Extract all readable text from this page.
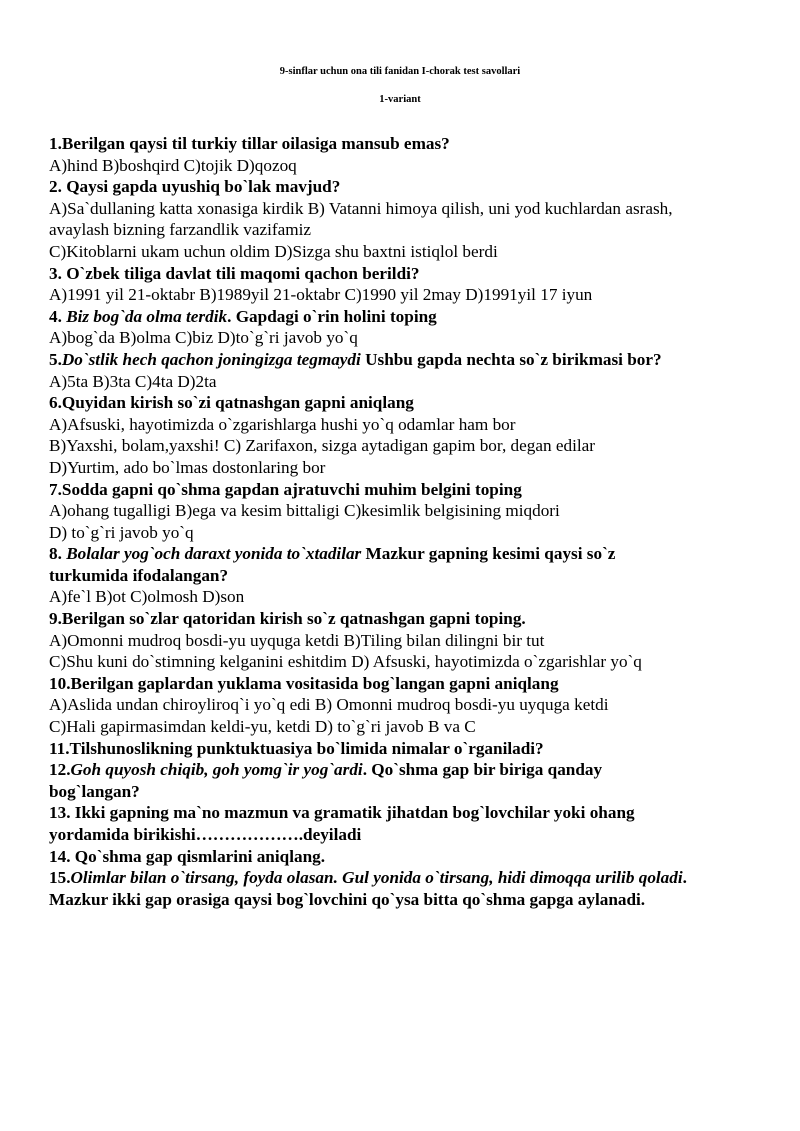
9-sinflar uchun ona tili fanidan I-chorak test savollari
1-variant
1.Berilgan qaysi til turkiy tillar oilasiga mansub emas?
A)hind B)boshqird C)tojik D)qozoq
2. Qaysi gapda uyushiq bo`lak mavjud?
A)Sa`dullaning katta xonasiga kirdik B) Vatanni himoya qilish, uni yod kuchlardan asrash,
avaylash bizning farzandlik vazifamiz
C)Kitoblarni ukam uchun oldim D)Sizga shu baxtni istiqlol berdi
3. O`zbek tiliga davlat tili maqomi qachon berildi?
A)1991 yil 21-oktabr B)1989yil 21-oktabr C)1990 yil 2may D)1991yil 17 iyun
4. Biz bog`da olma terdik. Gapdagi o`rin holini toping
A)bog`da B)olma C)biz D)to`g`ri javob yo`q
5.Do`stlik hech qachon joningizga tegmaydi Ushbu gapda nechta so`z birikmasi bor?
A)5ta B)3ta C)4ta D)2ta
6.Quyidan kirish so`zi qatnashgan gapni aniqlang
A)Afsuski, hayotimizda o`zgarishlarga hushi yo`q odamlar ham bor
B)Yaxshi, bolam,yaxshi! C) Zarifaxon, sizga aytadigan gapim bor, degan edilar
D)Yurtim, ado bo`lmas dostonlaring bor
7.Sodda gapni qo`shma gapdan ajratuvchi muhim belgini toping
A)ohang tugalligi B)ega va kesim bittaligi C)kesimlik belgisining miqdori
D) to`g`ri javob yo`q
8. Bolalar yog`och daraxt yonida to`xtadilar Mazkur gapning kesimi qaysi so`z
turkumida ifodalangan?
A)fe`l B)ot C)olmosh D)son
9.Berilgan so`zlar qatoridan kirish so`z qatnashgan gapni toping.
A)Omonni mudroq bosdi-yu uyquga ketdi B)Tiling bilan dilingni bir tut
C)Shu kuni do`stimning kelganini eshitdim D) Afsuski, hayotimizda o`zgarishlar yo`q
10.Berilgan gaplardan yuklama vositasida bog`langan gapni aniqlang
A)Aslida undan chiroyliroq`i yo`q edi B) Omonni mudroq bosdi-yu uyquga ketdi
C)Hali gapirmasimdan keldi-yu, ketdi D) to`g`ri javob B va C
11.Tilshunoslikning punktuktuasiya bo`limida nimalar o`rganiladi?
12.Goh quyosh chiqib, goh yomg`ir yog`ardi. Qo`shma gap bir biriga qanday
bog`langan?
13. Ikki gapning ma`no mazmun va gramatik jihatdan bog`lovchilar yoki ohang
yordamida birikishi……………….deyiladi
14. Qo`shma gap qismlarini aniqlang.
15.Olimlar bilan o`tirsang, foyda olasan. Gul yonida o`tirsang, hidi dimoqqa urilib qoladi.
Mazkur ikki gap orasiga qaysi bog`lovchini qo`ysa bitta qo`shma gapga aylanadi.
